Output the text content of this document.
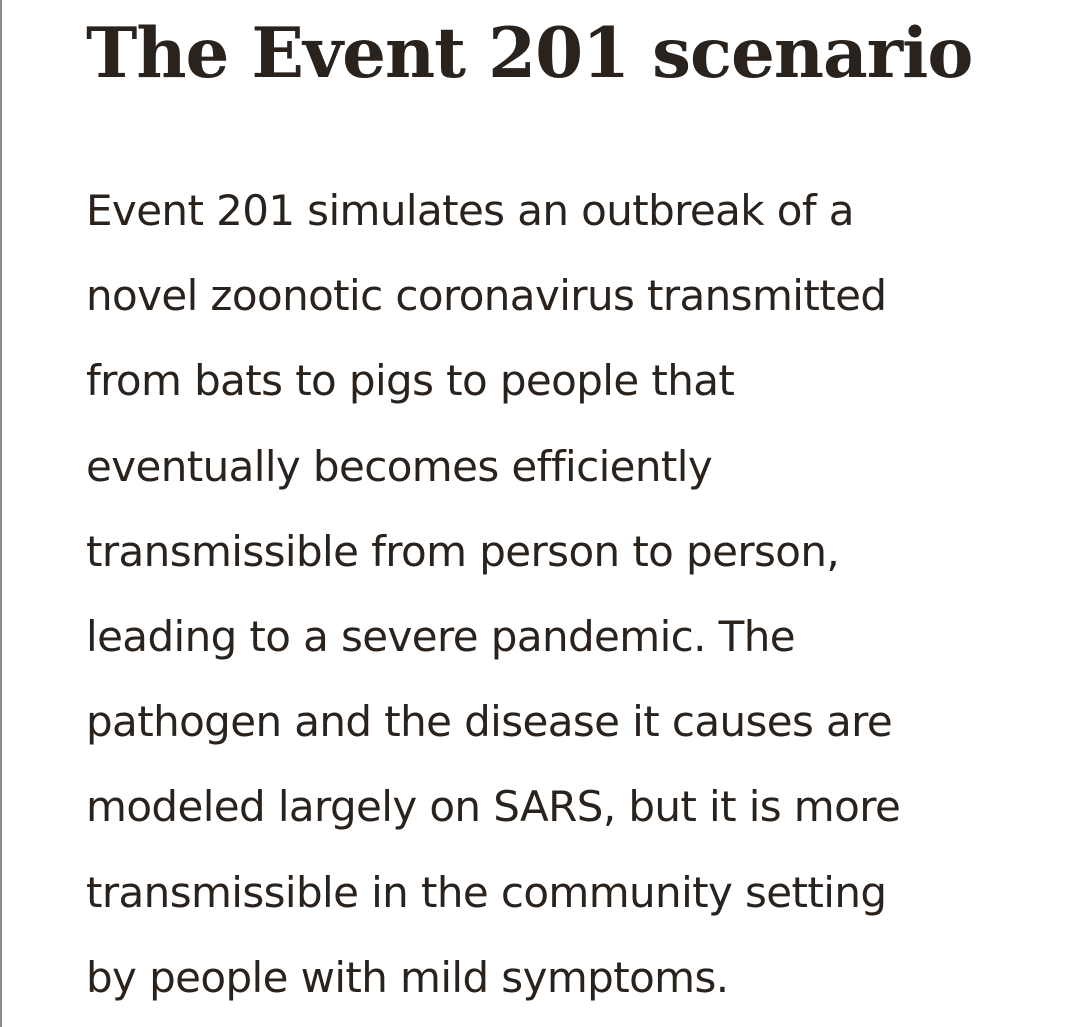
The Event 201 scenario
Event 201 simulates an outbreak of a
novel zoonotic coronavirus transmitted
from bats to pigs to people that
eventually becomes efficiently
transmissible from person to person,
leading to a severe pandemic. The
pathogen and the disease it causes are
modeled largely on SARS, but it is more
transmissible in the community setting
by people with mild symptoms.
